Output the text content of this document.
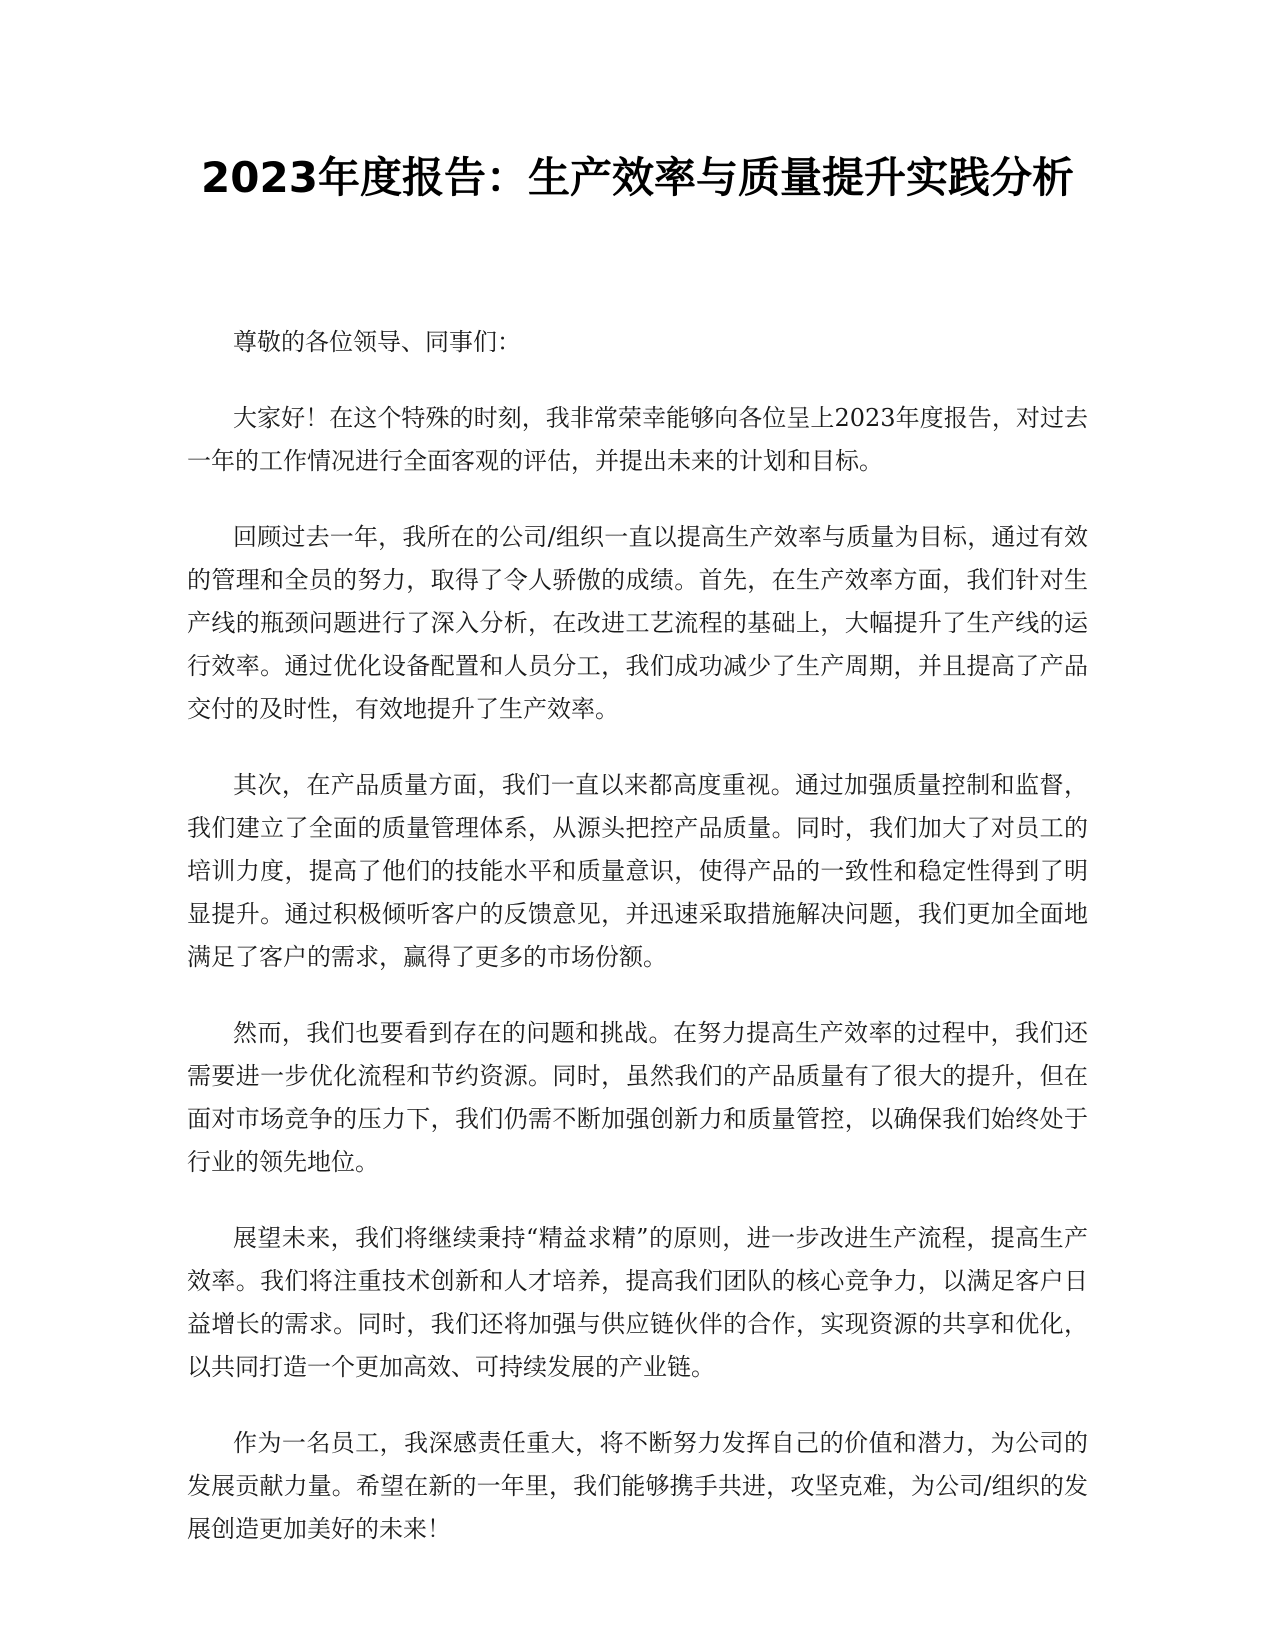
2023年度报告：生产效率与质量提升实践分析

尊敬的各位领导、同事们：

大家好！在这个特殊的时刻，我非常荣幸能够向各位呈上2023年度报告，对过去一年的工作情况进行全面客观的评估，并提出未来的计划和目标。

回顾过去一年，我所在的公司/组织一直以提高生产效率与质量为目标，通过有效的管理和全员的努力，取得了令人骄傲的成绩。首先，在生产效率方面，我们针对生产线的瓶颈问题进行了深入分析，在改进工艺流程的基础上，大幅提升了生产线的运行效率。通过优化设备配置和人员分工，我们成功减少了生产周期，并且提高了产品交付的及时性，有效地提升了生产效率。

其次，在产品质量方面，我们一直以来都高度重视。通过加强质量控制和监督，我们建立了全面的质量管理体系，从源头把控产品质量。同时，我们加大了对员工的培训力度，提高了他们的技能水平和质量意识，使得产品的一致性和稳定性得到了明显提升。通过积极倾听客户的反馈意见，并迅速采取措施解决问题，我们更加全面地满足了客户的需求，赢得了更多的市场份额。

然而，我们也要看到存在的问题和挑战。在努力提高生产效率的过程中，我们还需要进一步优化流程和节约资源。同时，虽然我们的产品质量有了很大的提升，但在面对市场竞争的压力下，我们仍需不断加强创新力和质量管控，以确保我们始终处于行业的领先地位。

展望未来，我们将继续秉持“精益求精”的原则，进一步改进生产流程，提高生产效率。我们将注重技术创新和人才培养，提高我们团队的核心竞争力，以满足客户日益增长的需求。同时，我们还将加强与供应链伙伴的合作，实现资源的共享和优化，以共同打造一个更加高效、可持续发展的产业链。

作为一名员工，我深感责任重大，将不断努力发挥自己的价值和潜力，为公司的发展贡献力量。希望在新的一年里，我们能够携手共进，攻坚克难，为公司/组织的发展创造更加美好的未来！
